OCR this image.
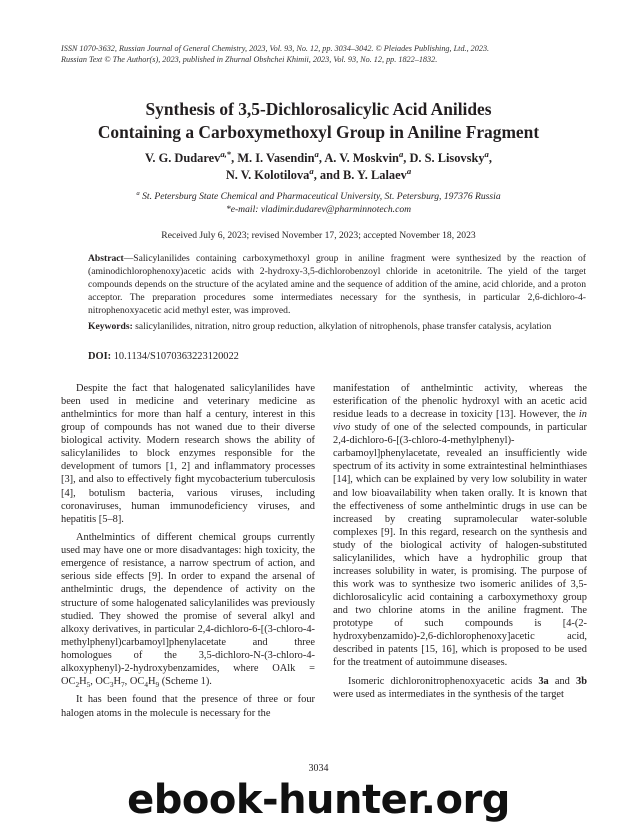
ISSN 1070-3632, Russian Journal of General Chemistry, 2023, Vol. 93, No. 12, pp. 3034–3042. © Pleiades Publishing, Ltd., 2023.
Russian Text © The Author(s), 2023, published in Zhurnal Obshchei Khimii, 2023, Vol. 93, No. 12, pp. 1822–1832.
Synthesis of 3,5-Dichlorosalicylic Acid Anilides
Containing a Carboxymethoxyl Group in Aniline Fragment
V. G. Dudarev$^{a,*}$, M. I. Vasendin$^a$, A. V. Moskvin$^a$, D. S. Lisovsky$^a$,
N. V. Kolotilova$^a$, and B. Y. Lalaev$^a$
$^a$ St. Petersburg State Chemical and Pharmaceutical University, St. Petersburg, 197376 Russia
*e-mail: vladimir.dudarev@pharminnotech.com
Received July 6, 2023; revised November 17, 2023; accepted November 18, 2023
Abstract—Salicylanilides containing carboxymethoxyl group in aniline fragment were synthesized by the reaction of (aminodichlorophenoxy)acetic acids with 2-hydroxy-3,5-dichlorobenzoyl chloride in acetonitrile. The yield of the target compounds depends on the structure of the acylated amine and the sequence of addition of the amine, acid chloride, and a proton acceptor. The preparation procedures some intermediates necessary for the synthesis, in particular 2,6-dichloro-4-nitrophenoxyacetic acid methyl ester, was improved.
Keywords: salicylanilides, nitration, nitro group reduction, alkylation of nitrophenols, phase transfer catalysis, acylation
DOI: 10.1134/S1070363223120022

Despite the fact that halogenated salicylanilides have been used in medicine and veterinary medicine as anthelmintics for more than half a century, interest in this group of compounds has not waned due to their diverse biological activity. Modern research shows the ability of salicylanilides to block enzymes responsible for the development of tumors [1, 2] and inflammatory processes [3], and also to effectively fight mycobacterium tuberculosis [4], botulism bacteria, various viruses, including coronaviruses, human immunodeficiency viruses, and hepatitis [5–8].

Anthelmintics of different chemical groups currently used may have one or more disadvantages: high toxicity, the emergence of resistance, a narrow spectrum of action, and serious side effects [9]. In order to expand the arsenal of anthelmintic drugs, the dependence of activity on the structure of some halogenated salicylanilides was previously studied. They showed the promise of several alkyl and alkoxy derivatives, in particular 2,4-dichloro-6-[(3-chloro-4-methylphenyl)carbamoyl]phenylacetate and three homologues of the 3,5-dichloro-N-(3-chloro-4-alkoxyphenyl)-2-hydroxybenzamides, where OAlk = $OC_2H_5$, $OC_3H_7$, $OC_4H_9$ (Scheme 1).

It has been found that the presence of three or four halogen atoms in the molecule is necessary for the

manifestation of anthelmintic activity, whereas the esterification of the phenolic hydroxyl with an acetic acid residue leads to a decrease in toxicity [13]. However, the in vivo study of one of the selected compounds, in particular 2,4-dichloro-6-[(3-chloro-4-methylphenyl)-carbamoyl]phenylacetate, revealed an insufficiently wide spectrum of its activity in some extraintestinal helminthiases [14], which can be explained by very low solubility in water and low bioavailability when taken orally. It is known that the effectiveness of some anthelmintic drugs in use can be increased by creating supramolecular water-soluble complexes [9]. In this regard, research on the synthesis and study of the biological activity of halogen-substituted salicylanilides, which have a hydrophilic group that increases solubility in water, is promising. The purpose of this work was to synthesize two isomeric anilides of 3,5-dichlorosalicylic acid containing a carboxymethoxy group and two chlorine atoms in the aniline fragment. The prototype of such compounds is [4-(2-hydroxybenzamido)-2,6-dichlorophenoxy]acetic acid, described in patents [15, 16], which is proposed to be used for the treatment of autoimmune diseases.

Isomeric dichloronitrophenoxyacetic acids 3a and 3b were used as intermediates in the synthesis of the target

3034
ebook-hunter.org
